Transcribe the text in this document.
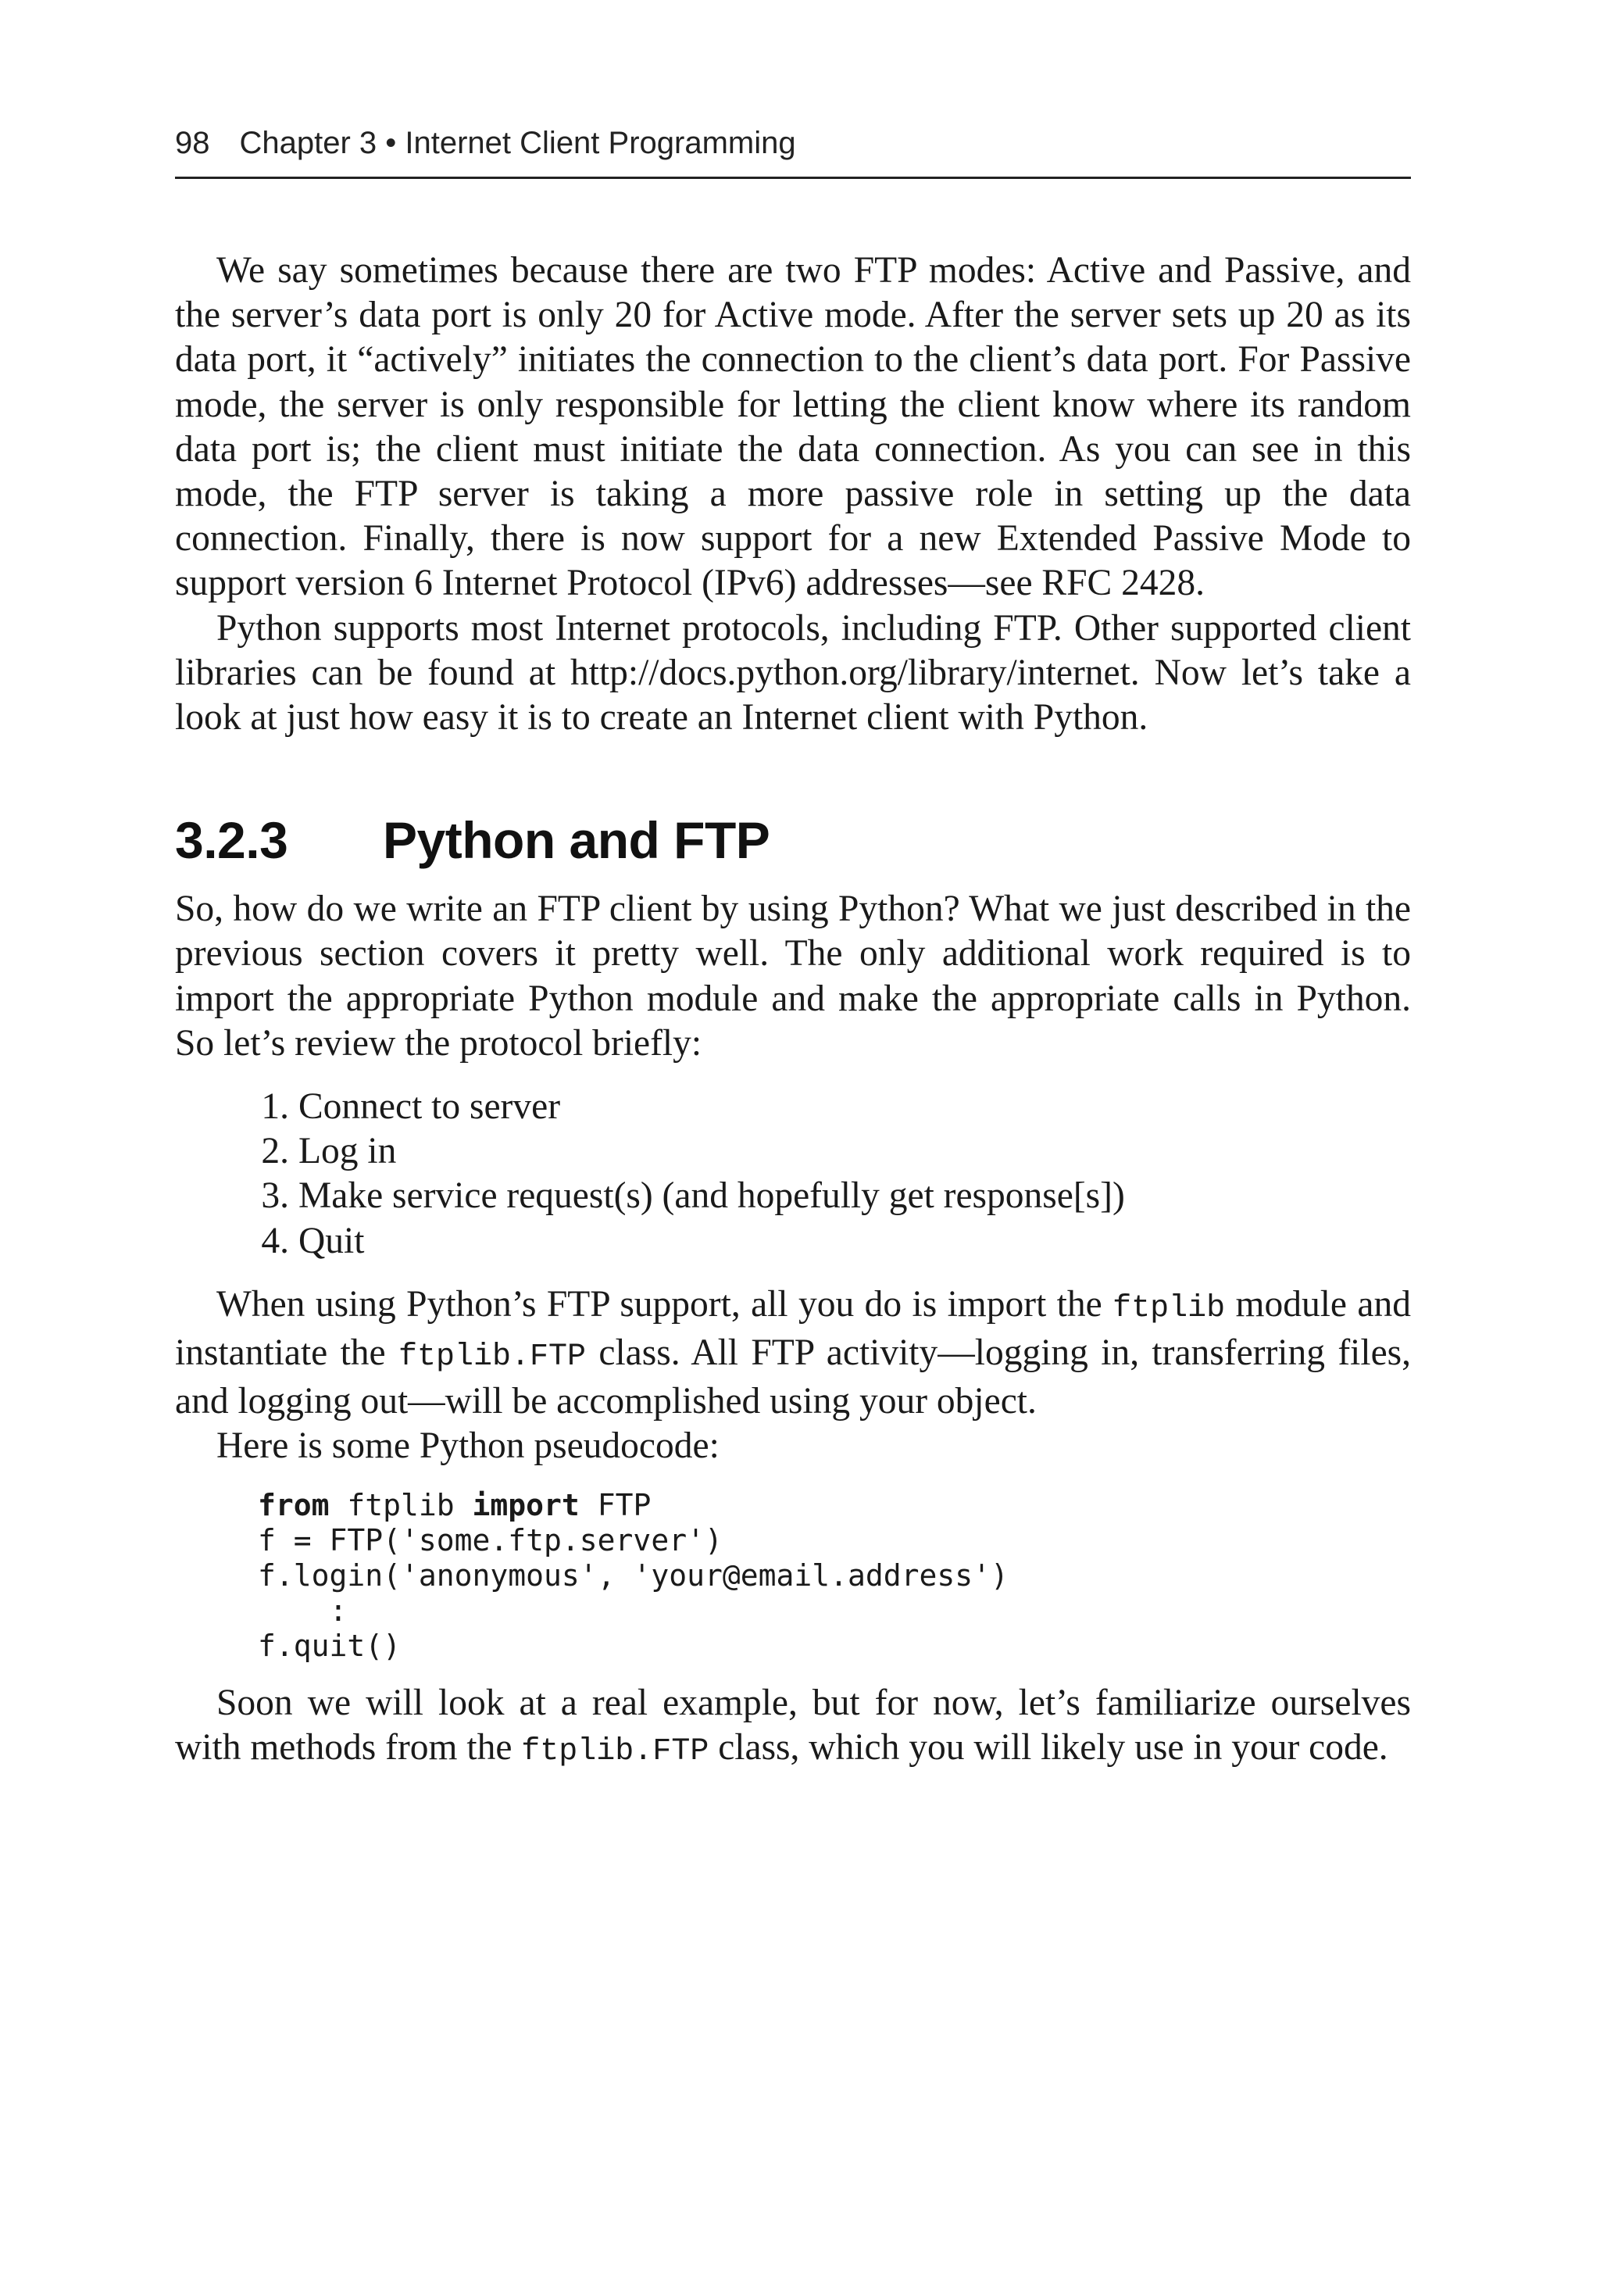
98 Chapter 3 • Internet Client Programming

We say sometimes because there are two FTP modes: Active and Passive, and the server’s data port is only 20 for Active mode. After the server sets up 20 as its data port, it “actively” initiates the connection to the client’s data port. For Passive mode, the server is only responsible for letting the client know where its random data port is; the client must initiate the data connection. As you can see in this mode, the FTP server is taking a more passive role in setting up the data connection. Finally, there is now support for a new Extended Passive Mode to support version 6 Internet Protocol (IPv6) addresses—see RFC 2428.

Python supports most Internet protocols, including FTP. Other supported client libraries can be found at http://docs.python.org/library/internet. Now let’s take a look at just how easy it is to create an Internet client with Python.

3.2.3 Python and FTP

So, how do we write an FTP client by using Python? What we just described in the previous section covers it pretty well. The only additional work required is to import the appropriate Python module and make the appropriate calls in Python. So let’s review the protocol briefly:

1. Connect to server
2. Log in
3. Make service request(s) (and hopefully get response[s])
4. Quit

When using Python’s FTP support, all you do is import the ftplib module and instantiate the ftplib.FTP class. All FTP activity—logging in, transferring files, and logging out—will be accomplished using your object.

Here is some Python pseudocode:

from ftplib import FTP
f = FTP('some.ftp.server')
f.login('anonymous', 'your@email.address')
:
f.quit()

Soon we will look at a real example, but for now, let’s familiarize ourselves with methods from the ftplib.FTP class, which you will likely use in your code.
